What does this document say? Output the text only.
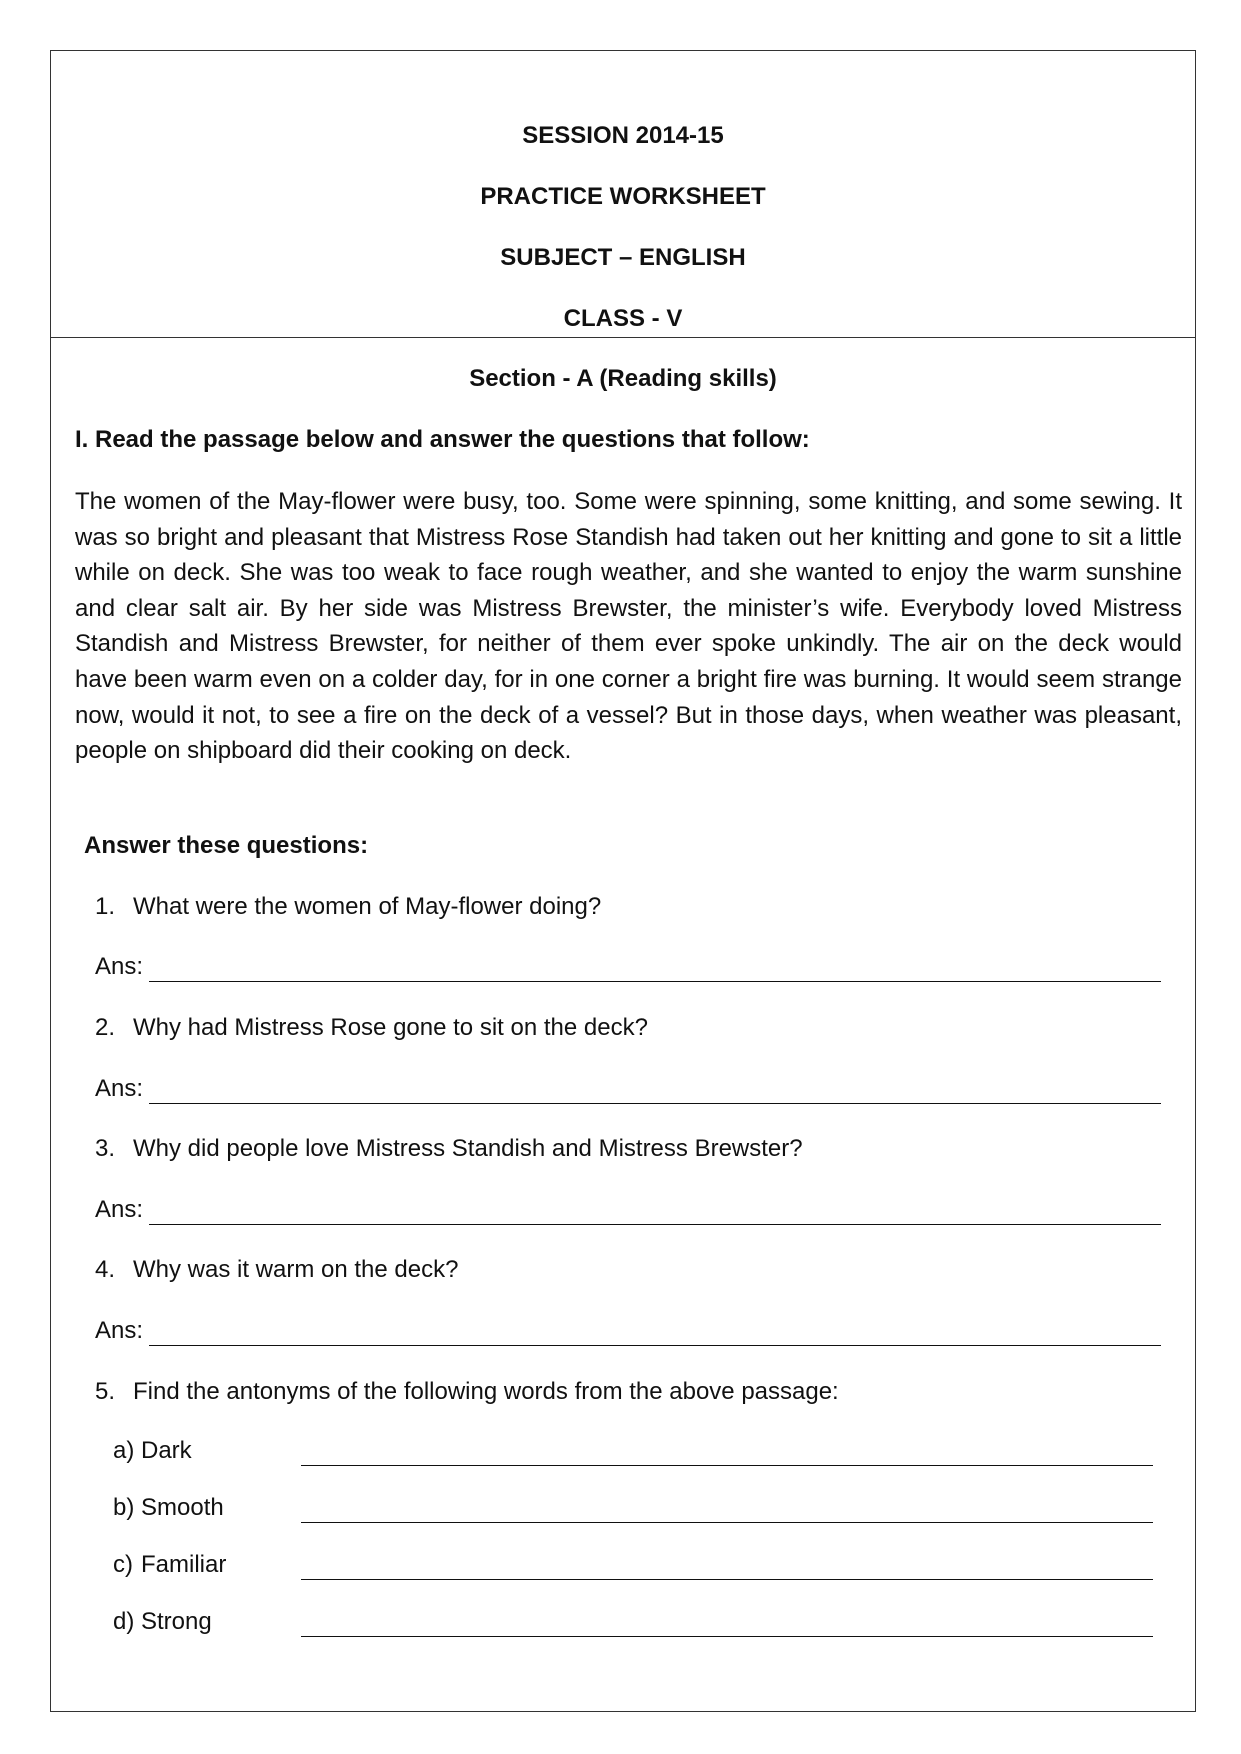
SESSION 2014-15
PRACTICE WORKSHEET
SUBJECT – ENGLISH
CLASS - V
Section - A (Reading skills)
I. Read the passage below and answer the questions that follow:
The women of the May-flower were busy, too. Some were spinning, some knitting, and some sewing. It was so bright and pleasant that Mistress Rose Standish had taken out her knitting and gone to sit a little while on deck. She was too weak to face rough weather, and she wanted to enjoy the warm sunshine and clear salt air. By her side was Mistress Brewster, the minister’s wife. Everybody loved Mistress Standish and Mistress Brewster, for neither of them ever spoke unkindly. The air on the deck would have been warm even on a colder day, for in one corner a bright fire was burning. It would seem strange now, would it not, to see a fire on the deck of a vessel? But in those days, when weather was pleasant, people on shipboard did their cooking on deck.
Answer these questions:
1. What were the women of May-flower doing?
Ans:
2. Why had Mistress Rose gone to sit on the deck?
Ans:
3. Why did people love Mistress Standish and Mistress Brewster?
Ans:
4. Why was it warm on the deck?
Ans:
5. Find the antonyms of the following words from the above passage:
a) Dark
b) Smooth
c) Familiar
d) Strong
